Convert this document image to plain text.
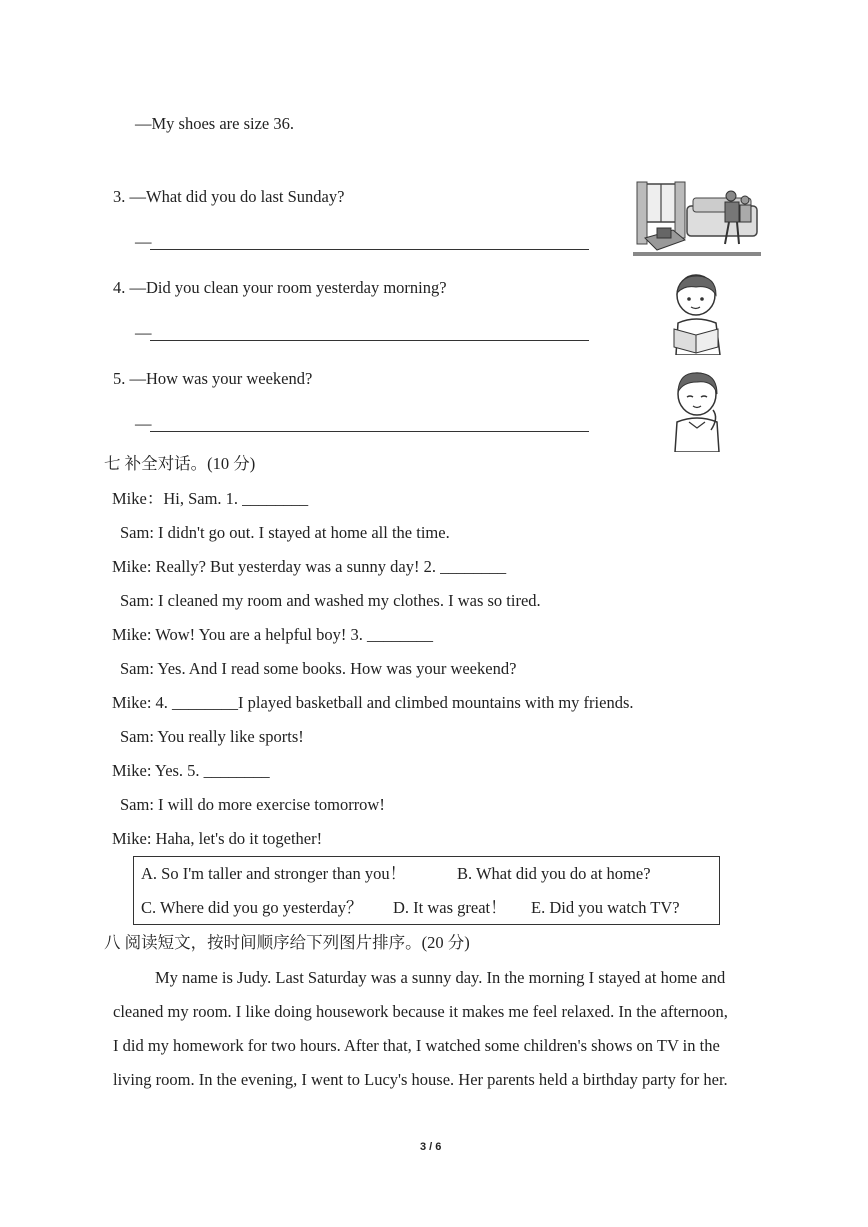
—My shoes are size 36.
3. —What did you do last Sunday?
—
4. —Did you clean your room yesterday morning?
—
5. —How was your weekend?
—
七 补全对话。(10 分)
Mike：Hi, Sam. 1. ________
Sam: I didn't go out. I stayed at home all the time.
Mike: Really? But yesterday was a sunny day! 2. ________
Sam: I cleaned my room and washed my clothes. I was so tired.
Mike: Wow! You are a helpful boy! 3. ________
Sam: Yes. And I read some books. How was your weekend?
Mike: 4. ________I played basketball and climbed mountains with my friends.
Sam: You really like sports!
Mike: Yes. 5. ________
Sam: I will do more exercise tomorrow!
Mike: Haha, let's do it together!
A. So I'm taller and stronger than you！	B. What did you do at home?
C. Where did you go yesterday？ D. It was great！ E. Did you watch TV?
八 阅读短文，按时间顺序给下列图片排序。(20 分)
My name is Judy. Last Saturday was a sunny day. In the morning I stayed at home and
cleaned my room. I like doing housework because it makes me feel relaxed. In the afternoon,
I did my homework for two hours. After that, I watched some children's shows on TV in the
living room. In the evening, I went to Lucy's house. Her parents held a birthday party for her.
3 / 6
